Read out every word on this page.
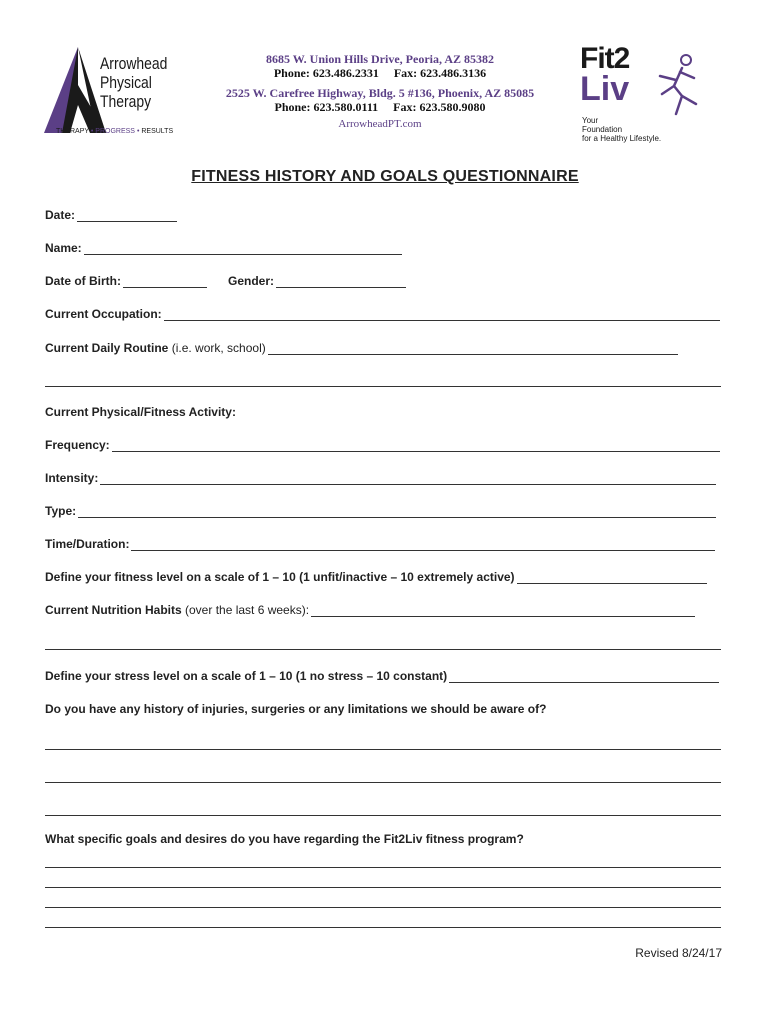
Arrowhead
Physical
Therapy
THERAPY • PROGRESS • RESULTS
8685 W. Union Hills Drive, Peoria, AZ 85382
Phone: 623.486.2331     Fax: 623.486.3136
2525 W. Carefree Highway, Bldg. 5 #136, Phoenix, AZ 85085
Phone: 623.580.0111     Fax: 623.580.9080
ArrowheadPT.com
Fit2
Liv
Your
Foundation
for a Healthy Lifestyle.
FITNESS HISTORY AND GOALS QUESTIONNAIRE
Date:
Name:
Date of Birth:	Gender:
Current Occupation:
Current Daily Routine
(i.e. work, school)
Current Physical/Fitness Activity:
Frequency:
Intensity:
Type:
Time/Duration:
Define your fitness level on a scale of 1 – 10 (1 unfit/inactive – 10 extremely active)
Current Nutrition Habits
(over the last 6 weeks):
Define your stress level on a scale of 1 – 10 (1 no stress – 10 constant)
Do you have any history of injuries, surgeries or any limitations we should be aware of?
What specific goals and desires do you have regarding the Fit2Liv fitness program?
Revised 8/24/17
